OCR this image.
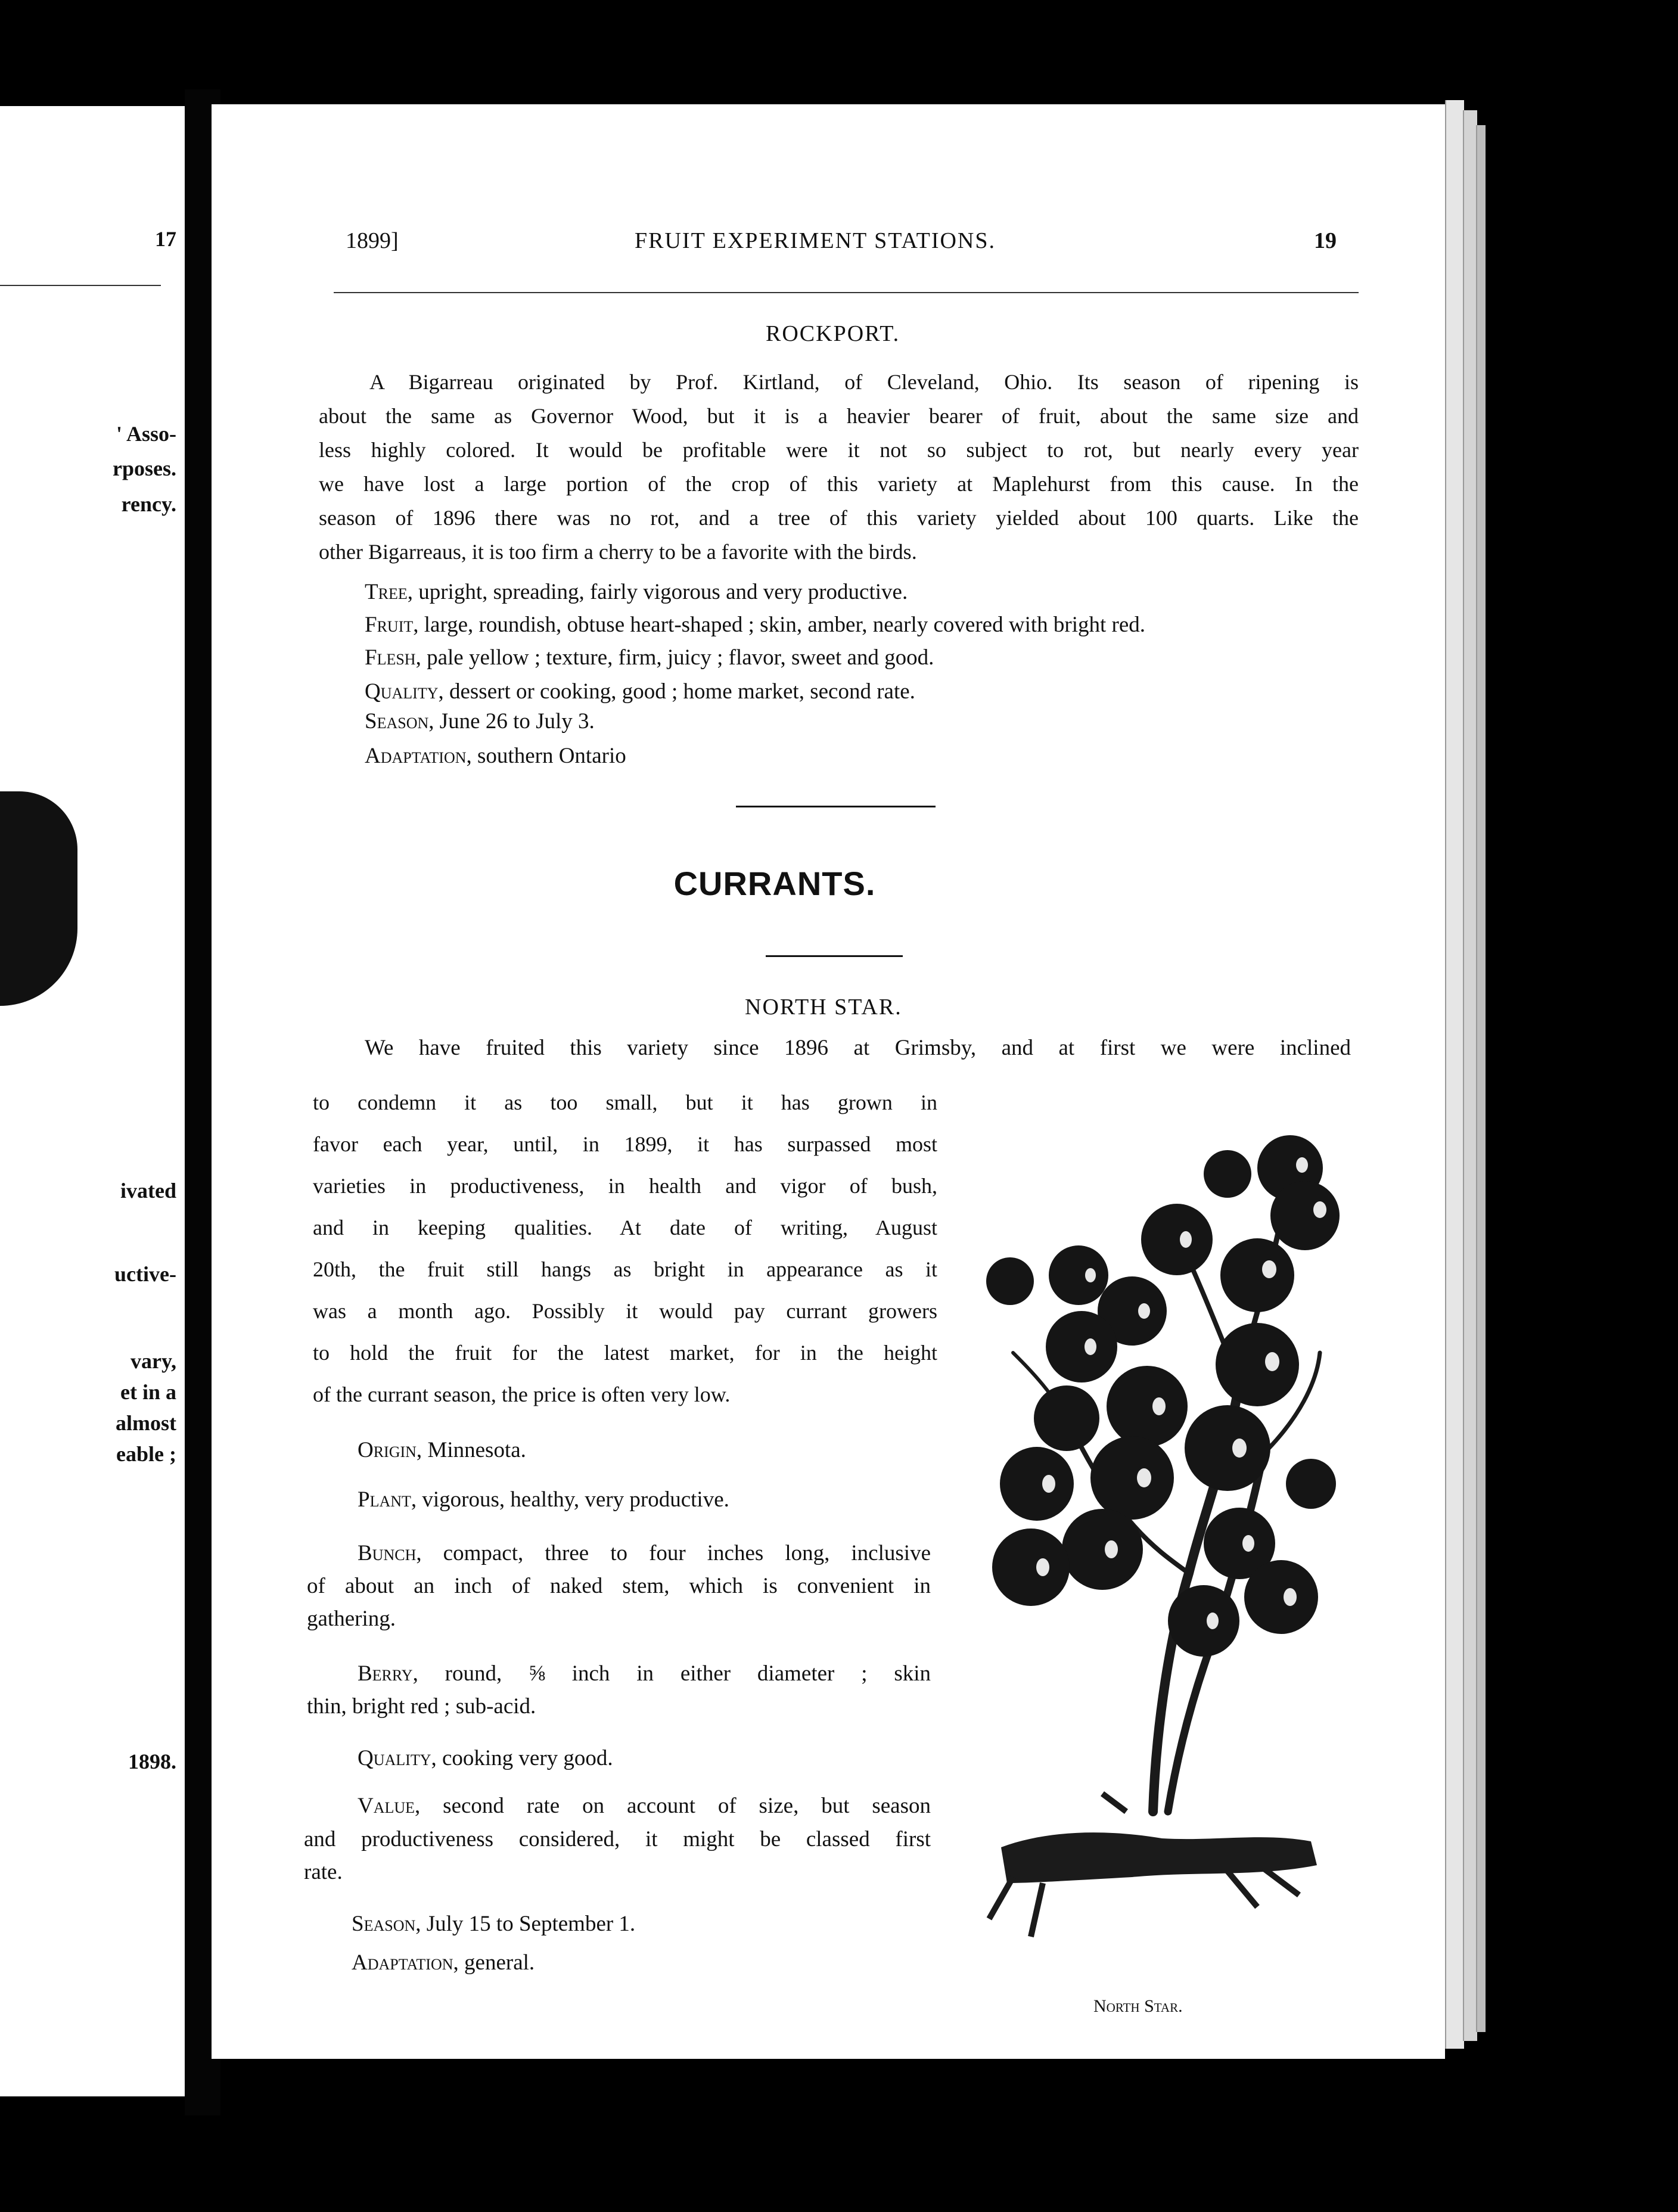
17
' Asso-
rposes.
rency.
ivated
uctive-
vary,
et in a
almost
eable ;
1898.
1899]	FRUIT EXPERIMENT STATIONS.	19
ROCKPORT.
A Bigarreau originated by Prof. Kirtland, of Cleveland, Ohio. Its season of ripening is
about the same as Governor Wood, but it is a heavier bearer of fruit, about the same size and
less highly colored. It would be profitable were it not so subject to rot, but nearly every year
we have lost a large portion of the crop of this variety at Maplehurst from this cause. In the
season of 1896 there was no rot, and a tree of this variety yielded about 100 quarts. Like the
other Bigarreaus, it is too firm a cherry to be a favorite with the birds.
Tree, upright, spreading, fairly vigorous and very productive.
Fruit, large, roundish, obtuse heart-shaped ; skin, amber, nearly covered with bright red.
Flesh, pale yellow ; texture, firm, juicy ; flavor, sweet and good.
Quality, dessert or cooking, good ; home market, second rate.
Season, June 26 to July 3.
Adaptation, southern Ontario
CURRANTS.
NORTH STAR.
We have fruited this variety since 1896 at Grimsby, and at first we were inclined
to condemn it as too small, but it has grown in
favor each year, until, in 1899, it has surpassed most
varieties in productiveness, in health and vigor of bush,
and in keeping qualities. At date of writing, August
20th, the fruit still hangs as bright in appearance as it
was a month ago. Possibly it would pay currant growers
to hold the fruit for the latest market, for in the height
of the currant season, the price is often very low.
Origin, Minnesota.
Plant, vigorous, healthy, very productive.
Bunch, compact, three to four inches long, inclusive
of about an inch of naked stem, which is convenient in
gathering.
Berry, round, ⅝ inch in either diameter ; skin
thin, bright red ; sub-acid.
Quality, cooking very good.
Value, second rate on account of size, but season
and productiveness considered, it might be classed first
rate.
Season, July 15 to September 1.
Adaptation, general.
North Star.
